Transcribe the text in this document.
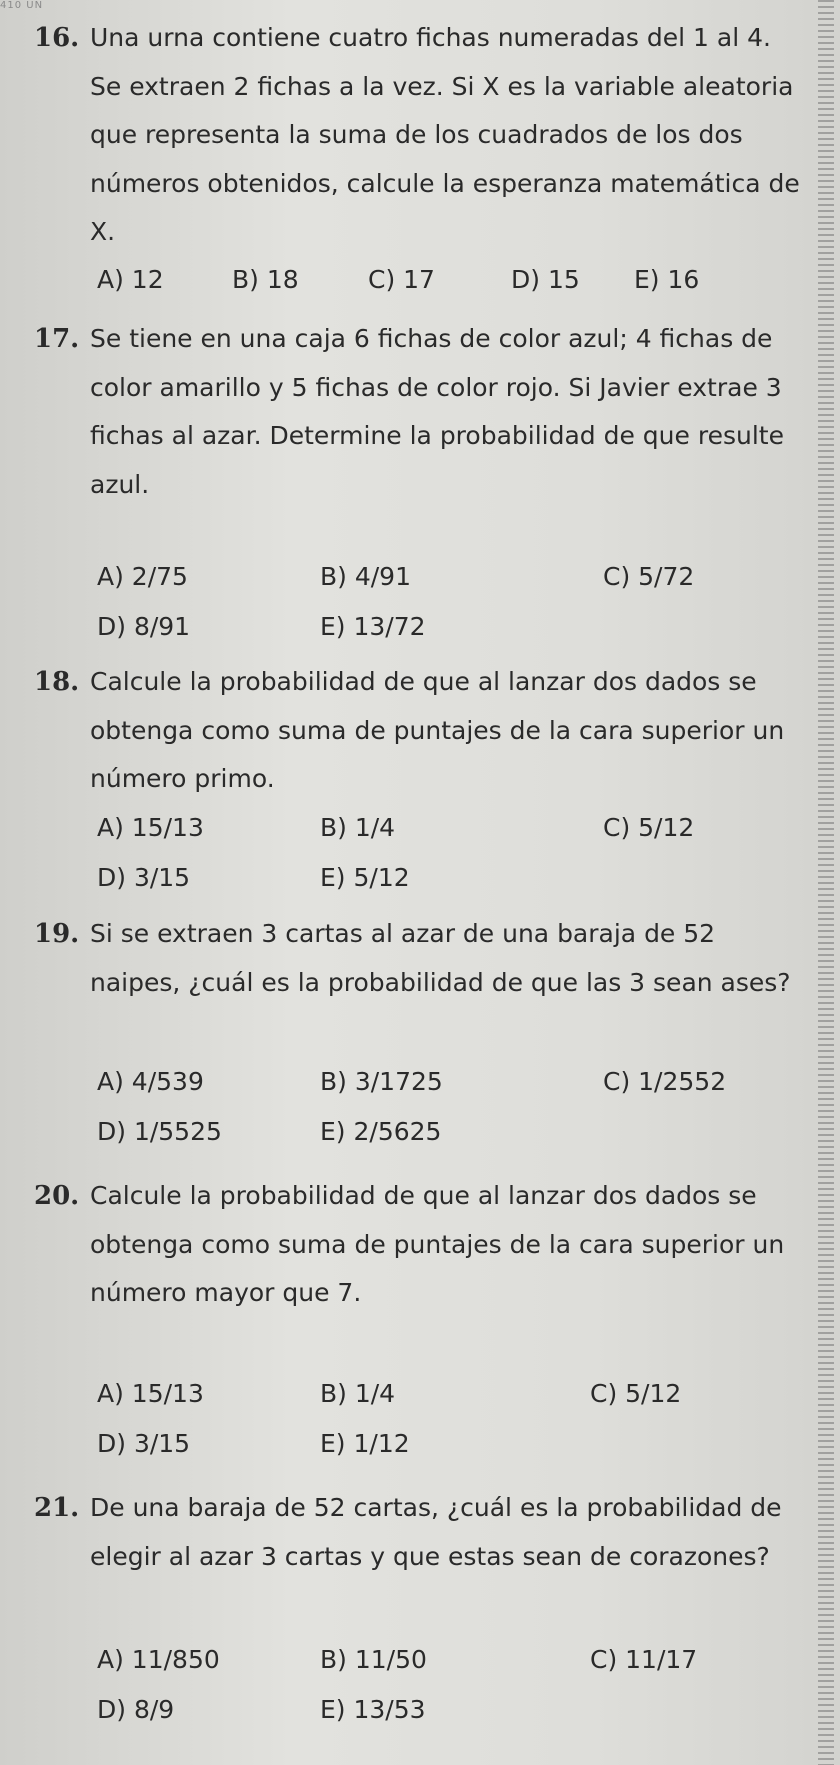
410 UN
16. Una urna contiene cuatro fichas numeradas del 1 al 4. Se extraen 2 fichas a la vez. Si X es la variable aleatoria que representa la suma de los cuadrados de los dos números obtenidos, calcule la esperanza matemática de X.

A) 12	B) 18	C) 17	D) 15 E) 16
17. Se tiene en una caja 6 fichas de color azul; 4 fichas de color amarillo y 5 fichas de color rojo. Si Javier extrae 3 fichas al azar. Determine la probabilidad de que resulte azul.

A) 2/75	B) 4/91	C) 5/72
D) 8/91	E) 13/72
18. Calcule la probabilidad de que al lanzar dos dados se obtenga como suma de puntajes de la cara superior un número primo.

A) 15/13	B) 1/4	C) 5/12
D) 3/15	E) 5/12
19. Si se extraen 3 cartas al azar de una baraja de 52 naipes, ¿cuál es la probabilidad de que las 3 sean ases?

A) 4/539	B) 3/1725	C) 1/2552
D) 1/5525	E) 2/5625
20. Calcule la probabilidad de que al lanzar dos dados se obtenga como suma de puntajes de la cara superior un número mayor que 7.

A) 15/13	B) 1/4	C) 5/12
D) 3/15	E) 1/12
21. De una baraja de 52 cartas, ¿cuál es la probabilidad de elegir al azar 3 cartas y que estas sean de corazones?

A) 11/850	B) 11/50	C) 11/17
D) 8/9	E) 13/53
